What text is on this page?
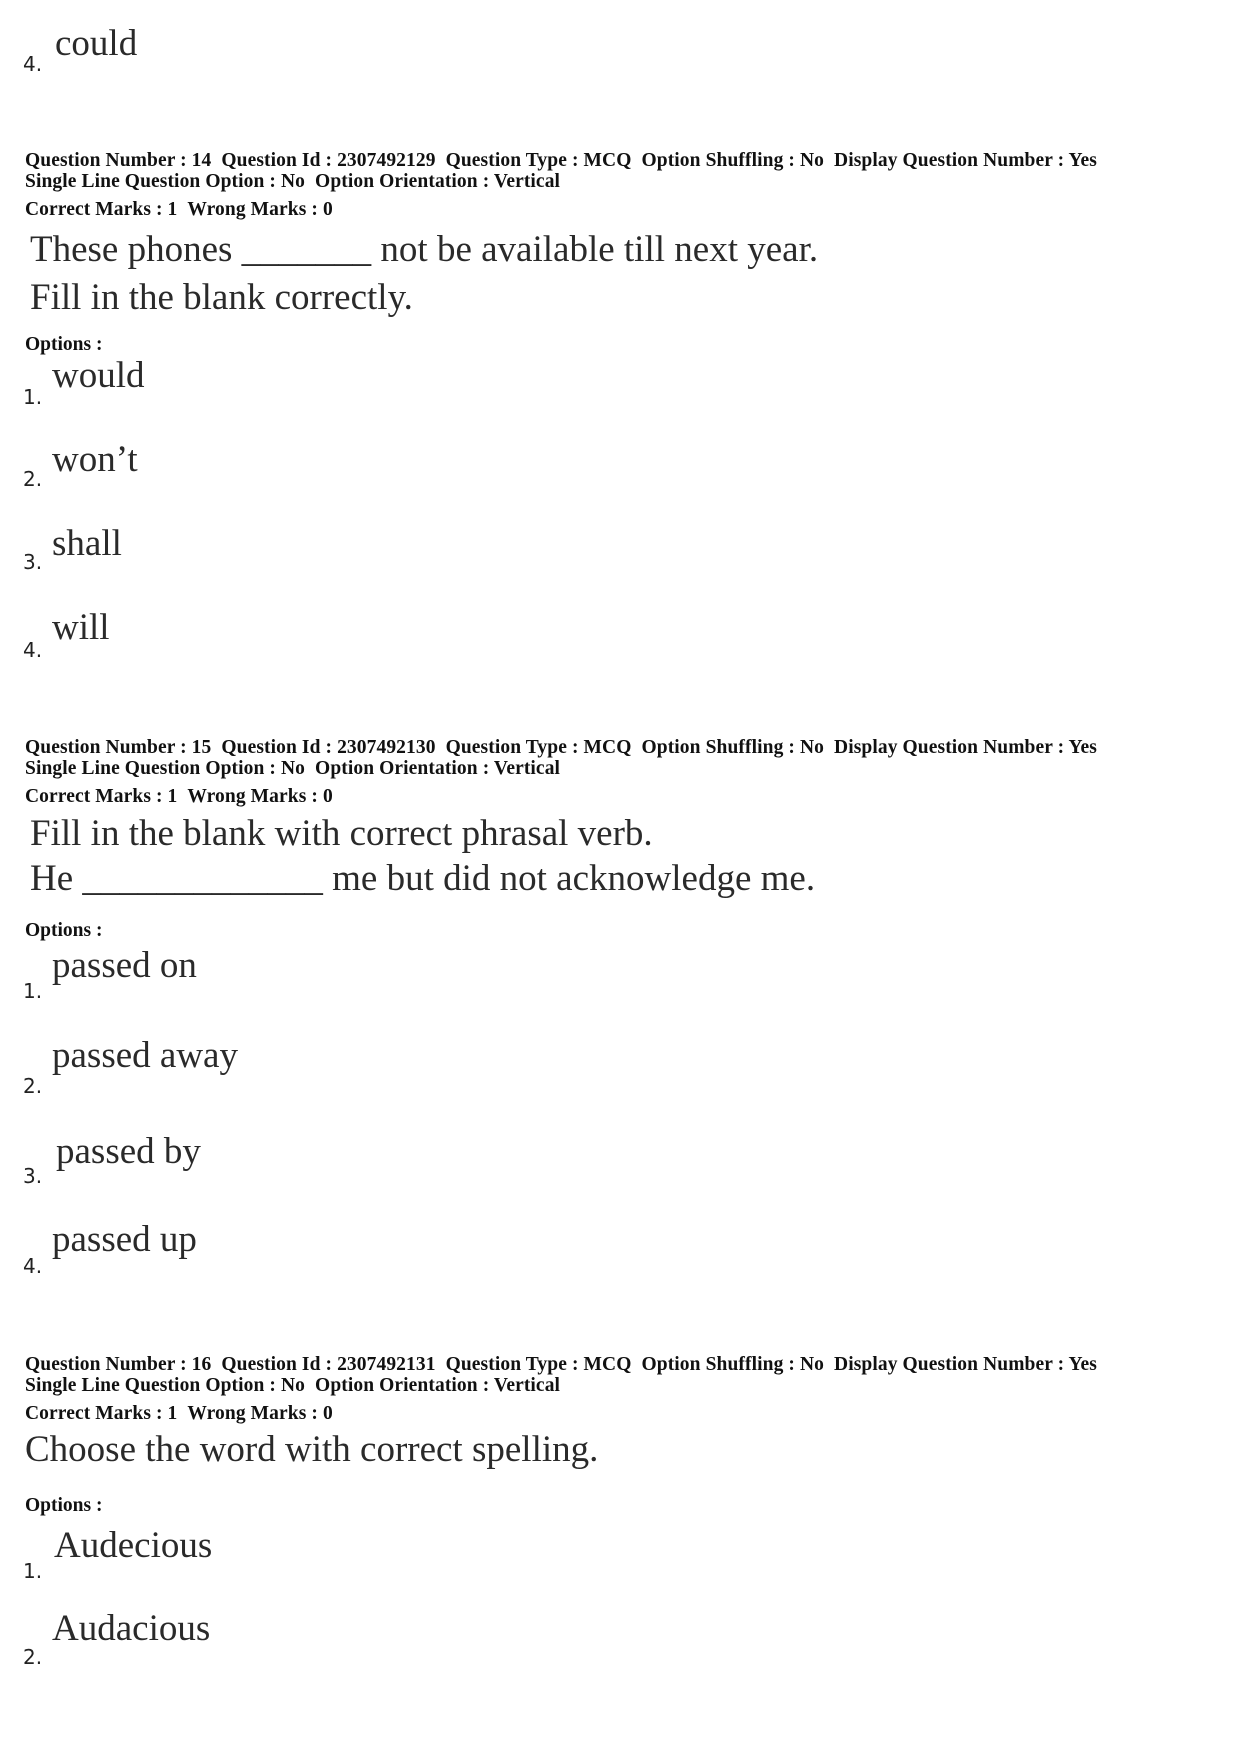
4. could
Question Number : 14 Question Id : 2307492129 Question Type : MCQ Option Shuffling : No Display Question Number : Yes
Single Line Question Option : No Option Orientation : Vertical
Correct Marks : 1 Wrong Marks : 0
These phones _______ not be available till next year.
Fill in the blank correctly.
Options :
1.
would
2. won’t
3. shall
4.
will
Question Number : 15 Question Id : 2307492130 Question Type : MCQ Option Shuffling : No Display Question Number : Yes
Single Line Question Option : No Option Orientation : Vertical
Correct Marks : 1 Wrong Marks : 0
Fill in the blank with correct phrasal verb.
He _____________ me but did not acknowledge me.
Options :
1.
passed on
2.
passed away
3.
passed by
4.
passed up
Question Number : 16 Question Id : 2307492131 Question Type : MCQ Option Shuffling : No Display Question Number : Yes
Single Line Question Option : No Option Orientation : Vertical
Correct Marks : 1 Wrong Marks : 0
Choose the word with correct spelling.
Options :
1.
Audecious
2.
Audacious
